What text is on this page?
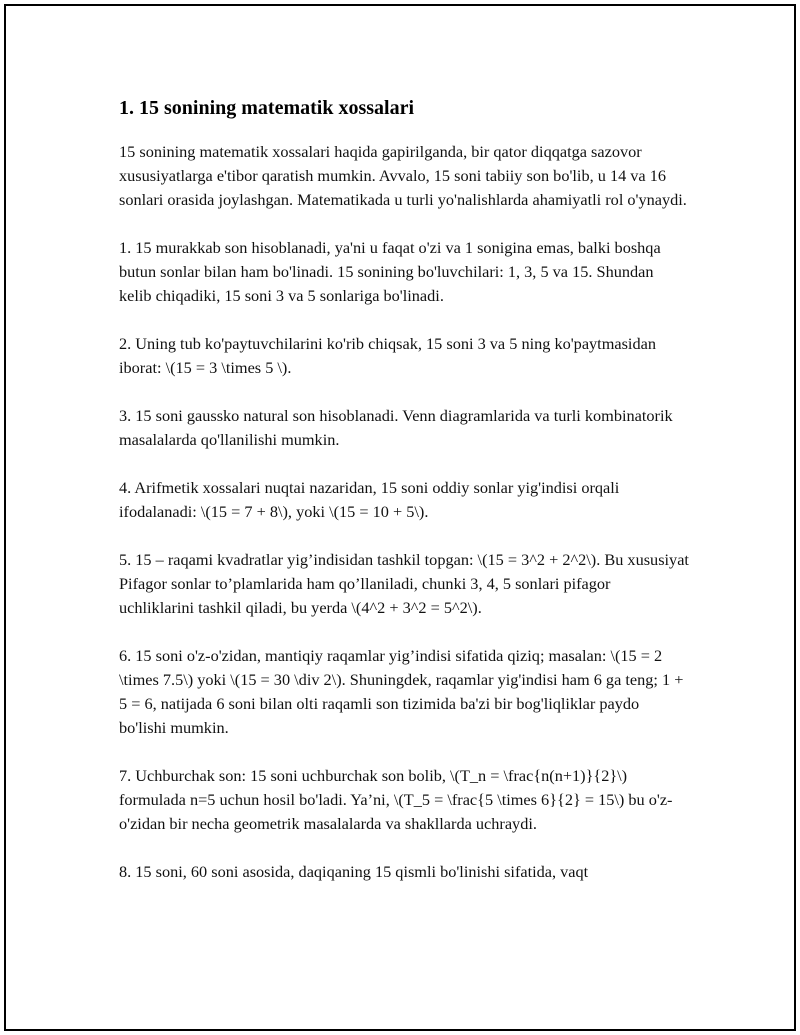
1. 15 sonining matematik xossalari

15 sonining matematik xossalari haqida gapirilganda, bir qator diqqatga sazovor xususiyatlarga e'tibor qaratish mumkin. Avvalo, 15 soni tabiiy son bo'lib, u 14 va 16 sonlari orasida joylashgan. Matematikada u turli yo'nalishlarda ahamiyatli rol o'ynaydi.

1. 15 murakkab son hisoblanadi, ya'ni u faqat o'zi va 1 sonigina emas, balki boshqa butun sonlar bilan ham bo'linadi. 15 sonining bo'luvchilari: 1, 3, 5 va 15. Shundan kelib chiqadiki, 15 soni 3 va 5 sonlariga bo'linadi.

2. Uning tub ko'paytuvchilarini ko'rib chiqsak, 15 soni 3 va 5 ning ko'paytmasidan iborat: \(15 = 3 \times 5 \).

3. 15 soni gaussko natural son hisoblanadi. Venn diagramlarida va turli kombinatorik masalalarda qo'llanilishi mumkin.

4. Arifmetik xossalari nuqtai nazaridan, 15 soni oddiy sonlar yig'indisi orqali ifodalanadi: \(15 = 7 + 8\), yoki \(15 = 10 + 5\).

5. 15 – raqami kvadratlar yig’indisidan tashkil topgan: \(15 = 3^2 + 2^2\). Bu xususiyat Pifagor sonlar to’plamlarida ham qo’llaniladi, chunki 3, 4, 5 sonlari pifagor uchliklarini tashkil qiladi, bu yerda \(4^2 + 3^2 = 5^2\).

6. 15 soni o'z-o'zidan, mantiqiy raqamlar yig’indisi sifatida qiziq; masalan: \(15 = 2 \times 7.5\) yoki \(15 = 30 \div 2\). Shuningdek, raqamlar yig'indisi ham 6 ga teng; 1 + 5 = 6, natijada 6 soni bilan olti raqamli son tizimida ba'zi bir bog'liqliklar paydo bo'lishi mumkin.

7. Uchburchak son: 15 soni uchburchak son bolib, \(T_n = \frac{n(n+1)}{2}\) formulada n=5 uchun hosil bo'ladi. Ya’ni, \(T_5 = \frac{5 \times 6}{2} = 15\) bu o'z-o'zidan bir necha geometrik masalalarda va shakllarda uchraydi.

8. 15 soni, 60 soni asosida, daqiqaning 15 qismli bo'linishi sifatida, vaqt
